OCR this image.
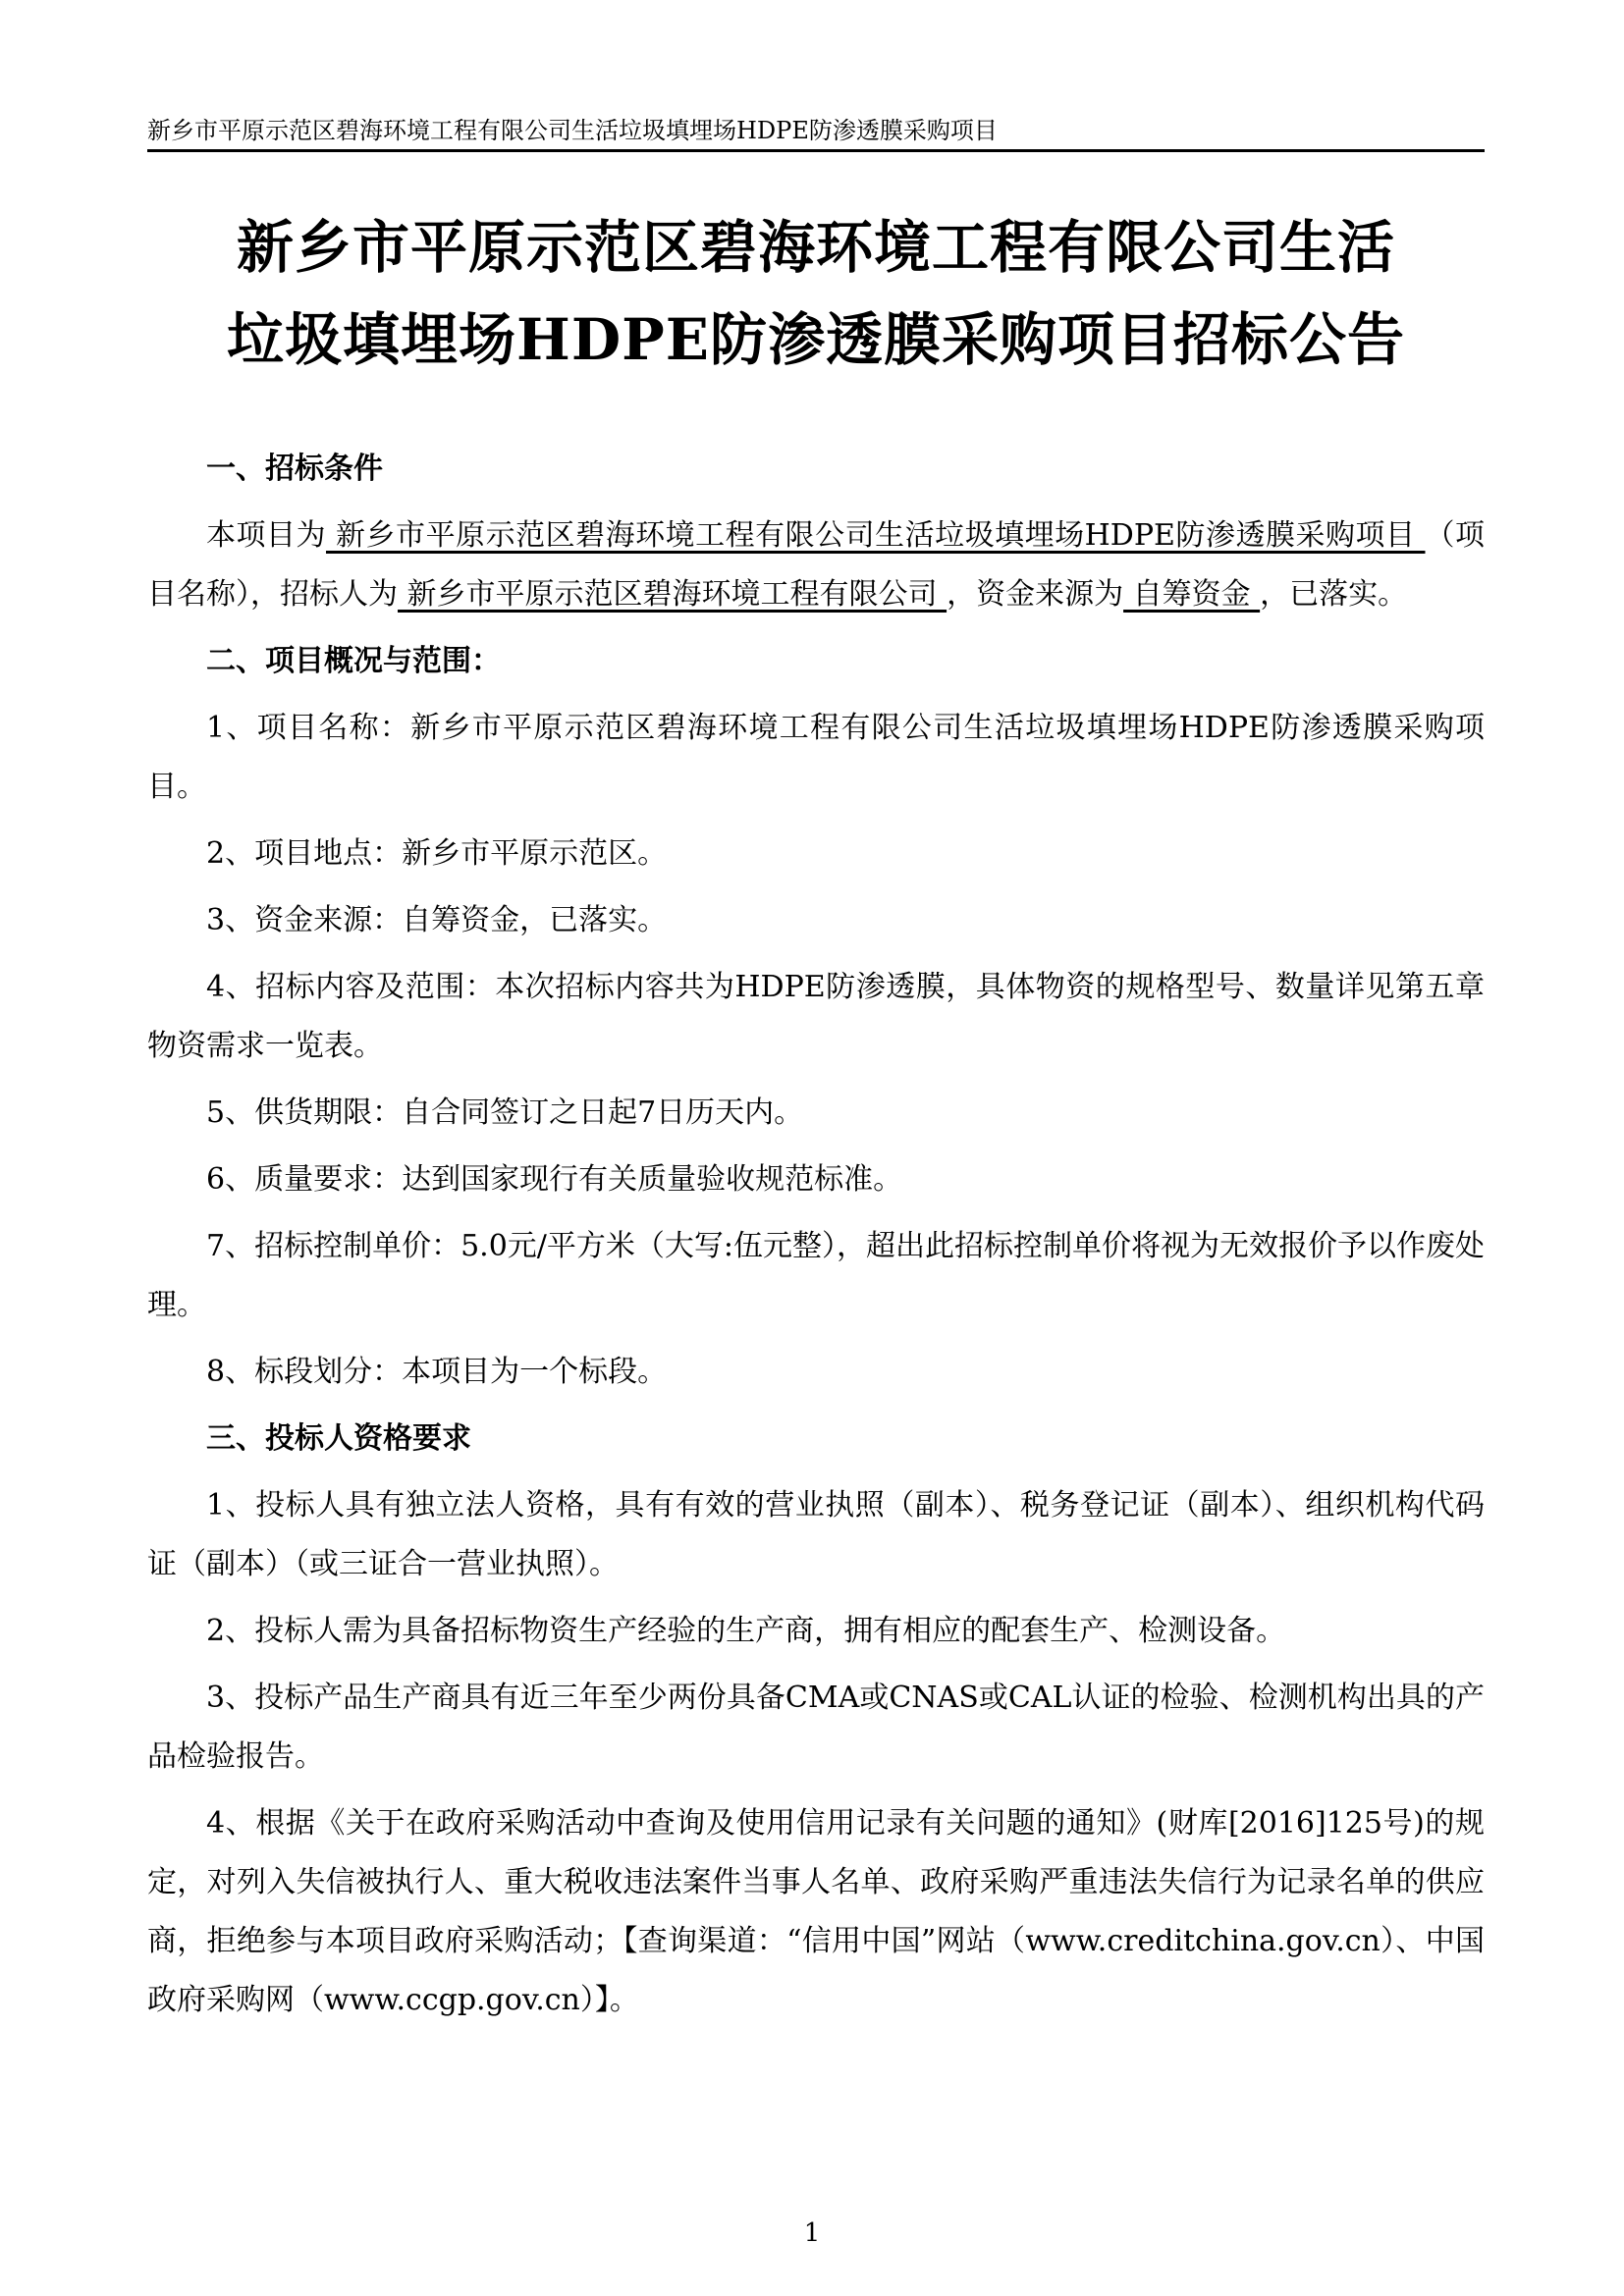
新乡市平原示范区碧海环境工程有限公司生活垃圾填埋场HDPE防渗透膜采购项目
新乡市平原示范区碧海环境工程有限公司生活
垃圾填埋场HDPE防渗透膜采购项目招标公告
一、招标条件
本项目为 新乡市平原示范区碧海环境工程有限公司生活垃圾填埋场HDPE防渗透膜采购项目 （项目名称），招标人为 新乡市平原示范区碧海环境工程有限公司 ，资金来源为 自筹资金 ，已落实。
二、项目概况与范围：
1、项目名称：新乡市平原示范区碧海环境工程有限公司生活垃圾填埋场HDPE防渗透膜采购项目。
2、项目地点：新乡市平原示范区。
3、资金来源：自筹资金，已落实。
4、招标内容及范围：本次招标内容共为HDPE防渗透膜，具体物资的规格型号、数量详见第五章物资需求一览表。
5、供货期限：自合同签订之日起7日历天内。
6、质量要求：达到国家现行有关质量验收规范标准。
7、招标控制单价：5.0元/平方米（大写:伍元整），超出此招标控制单价将视为无效报价予以作废处理。
8、标段划分：本项目为一个标段。
三、投标人资格要求
1、投标人具有独立法人资格，具有有效的营业执照（副本）、税务登记证（副本）、组织机构代码证（副本）（或三证合一营业执照）。
2、投标人需为具备招标物资生产经验的生产商，拥有相应的配套生产、检测设备。
3、投标产品生产商具有近三年至少两份具备CMA或CNAS或CAL认证的检验、检测机构出具的产品检验报告。
4、根据《关于在政府采购活动中查询及使用信用记录有关问题的通知》(财库[2016]125号)的规定，对列入失信被执行人、重大税收违法案件当事人名单、政府采购严重违法失信行为记录名单的供应商，拒绝参与本项目政府采购活动；【查询渠道：“信用中国”网站（www.creditchina.gov.cn）、中国政府采购网（www.ccgp.gov.cn）】。
1
